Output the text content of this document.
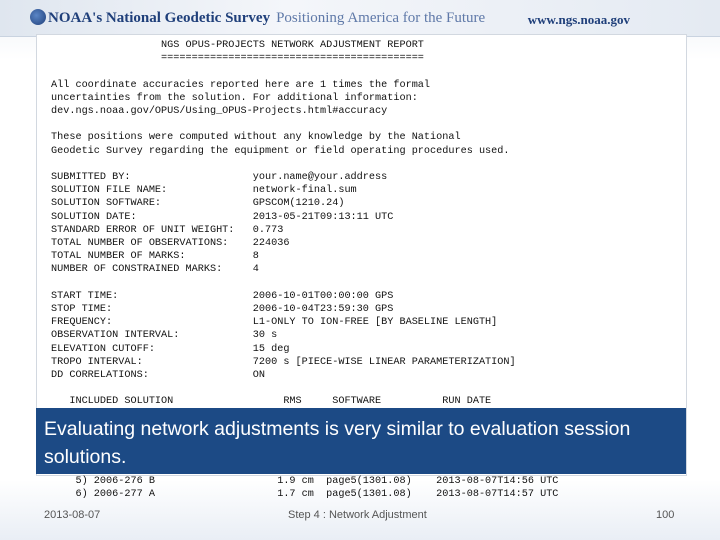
NOAA's National Geodetic Survey Positioning America for the Future	www.ngs.noaa.gov
NGS OPUS-PROJECTS NETWORK ADJUSTMENT REPORT
===========================================

All coordinate accuracies reported here are 1 times the formal
uncertainties from the solution. For additional information:
dev.ngs.noaa.gov/OPUS/Using_OPUS-Projects.html#accuracy

These positions were computed without any knowledge by the National
Geodetic Survey regarding the equipment or field operating procedures used.

SUBMITTED BY:                    your.name@your.address
SOLUTION FILE NAME:              network-final.sum
SOLUTION SOFTWARE:               GPSCOM(1210.24)
SOLUTION DATE:                   2013-05-21T09:13:11 UTC
STANDARD ERROR OF UNIT WEIGHT:   0.773
TOTAL NUMBER OF OBSERVATIONS:    224036
TOTAL NUMBER OF MARKS:           8
NUMBER OF CONSTRAINED MARKS:     4

START TIME:                      2006-10-01T00:00:00 GPS
STOP TIME:                       2006-10-04T23:59:30 GPS
FREQUENCY:                       L1-ONLY TO ION-FREE [BY BASELINE LENGTH]
OBSERVATION INTERVAL:            30 s
ELEVATION CUTOFF:                15 deg
TROPO INTERVAL:                  7200 s [PIECE-WISE LINEAR PARAMETERIZATION]
DD CORRELATIONS:                 ON

INCLUDED SOLUTION                  RMS     SOFTWARE          RUN DATE

5) 2006-276 B                    1.9 cm  page5(1301.08)    2013-08-07T14:56 UTC
6) 2006-277 A                    1.7 cm  page5(1301.08)    2013-08-07T14:57 UTC

Evaluating network adjustments is very similar to evaluation session solutions.
2013-08-07	Step 4 : Network Adjustment	100
